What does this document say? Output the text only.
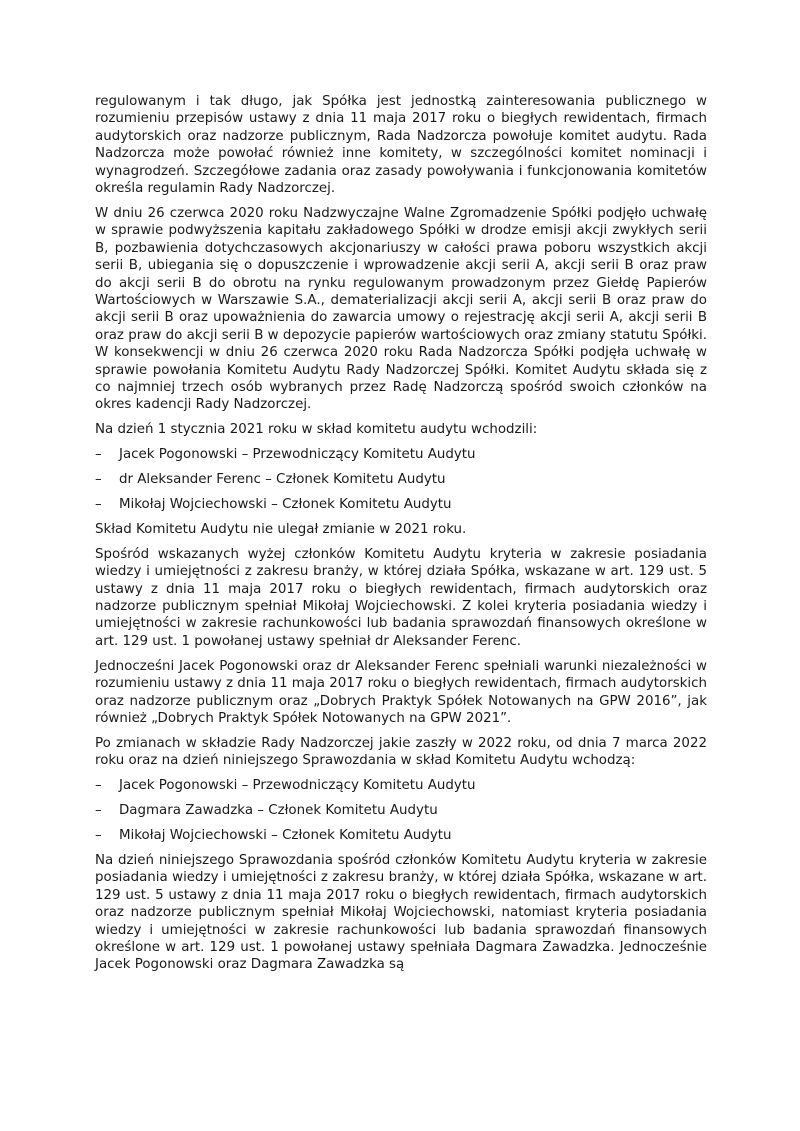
regulowanym i tak długo, jak Spółka jest jednostką zainteresowania publicznego w rozumieniu przepisów ustawy z dnia 11 maja 2017 roku o biegłych rewidentach, firmach audytorskich oraz nadzorze publicznym, Rada Nadzorcza powołuje komitet audytu. Rada Nadzorcza może powołać również inne komitety, w szczególności komitet nominacji i wynagrodzeń. Szczegółowe zadania oraz zasady powoływania i funkcjonowania komitetów określa regulamin Rady Nadzorczej.

W dniu 26 czerwca 2020 roku Nadzwyczajne Walne Zgromadzenie Spółki podjęło uchwałę w sprawie podwyższenia kapitału zakładowego Spółki w drodze emisji akcji zwykłych serii B, pozbawienia dotychczasowych akcjonariuszy w całości prawa poboru wszystkich akcji serii B, ubiegania się o dopuszczenie i wprowadzenie akcji serii A, akcji serii B oraz praw do akcji serii B do obrotu na rynku regulowanym prowadzonym przez Giełdę Papierów Wartościowych w Warszawie S.A., dematerializacji akcji serii A, akcji serii B oraz praw do akcji serii B oraz upoważnienia do zawarcia umowy o rejestrację akcji serii A, akcji serii B oraz praw do akcji serii B w depozycie papierów wartościowych oraz zmiany statutu Spółki. W konsekwencji w dniu 26 czerwca 2020 roku Rada Nadzorcza Spółki podjęła uchwałę w sprawie powołania Komitetu Audytu Rady Nadzorczej Spółki. Komitet Audytu składa się z co najmniej trzech osób wybranych przez Radę Nadzorczą spośród swoich członków na okres kadencji Rady Nadzorczej.

Na dzień 1 stycznia 2021 roku w skład komitetu audytu wchodzili:

–	Jacek Pogonowski – Przewodniczący Komitetu Audytu
–	dr Aleksander Ferenc – Członek Komitetu Audytu
–	Mikołaj Wojciechowski – Członek Komitetu Audytu

Skład Komitetu Audytu nie ulegał zmianie w 2021 roku.

Spośród wskazanych wyżej członków Komitetu Audytu kryteria w zakresie posiadania wiedzy i umiejętności z zakresu branży, w której działa Spółka, wskazane w art. 129 ust. 5 ustawy z dnia 11 maja 2017 roku o biegłych rewidentach, firmach audytorskich oraz nadzorze publicznym spełniał Mikołaj Wojciechowski. Z kolei kryteria posiadania wiedzy i umiejętności w zakresie rachunkowości lub badania sprawozdań finansowych określone w art. 129 ust. 1 powołanej ustawy spełniał dr Aleksander Ferenc.

Jednocześni Jacek Pogonowski oraz dr Aleksander Ferenc spełniali warunki niezależności w rozumieniu ustawy z dnia 11 maja 2017 roku o biegłych rewidentach, firmach audytorskich oraz nadzorze publicznym oraz „Dobrych Praktyk Spółek Notowanych na GPW 2016”, jak również „Dobrych Praktyk Spółek Notowanych na GPW 2021”.

Po zmianach w składzie Rady Nadzorczej jakie zaszły w 2022 roku, od dnia 7 marca 2022 roku oraz na dzień niniejszego Sprawozdania w skład Komitetu Audytu wchodzą:

–	Jacek Pogonowski – Przewodniczący Komitetu Audytu
–	Dagmara Zawadzka – Członek Komitetu Audytu
–	Mikołaj Wojciechowski – Członek Komitetu Audytu

Na dzień niniejszego Sprawozdania spośród członków Komitetu Audytu kryteria w zakresie posiadania wiedzy i umiejętności z zakresu branży, w której działa Spółka, wskazane w art. 129 ust. 5 ustawy z dnia 11 maja 2017 roku o biegłych rewidentach, firmach audytorskich oraz nadzorze publicznym spełniał Mikołaj Wojciechowski, natomiast kryteria posiadania wiedzy i umiejętności w zakresie rachunkowości lub badania sprawozdań finansowych określone w art. 129 ust. 1 powołanej ustawy spełniała Dagmara Zawadzka. Jednocześnie Jacek Pogonowski oraz Dagmara Zawadzka są
